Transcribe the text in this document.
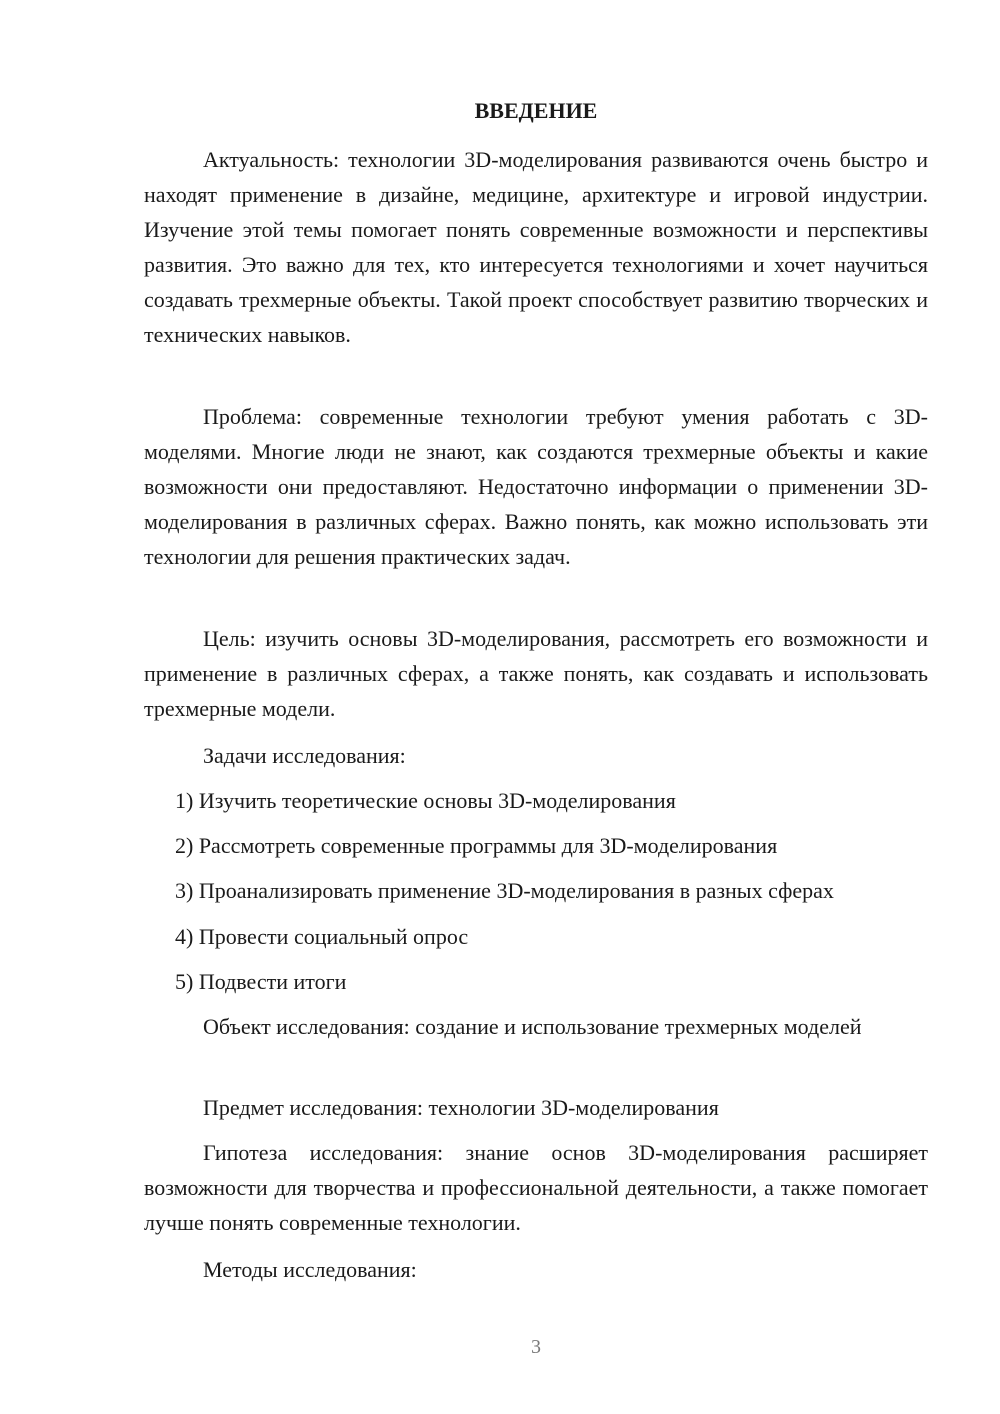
ВВЕДЕНИЕ

Актуальность: технологии 3D-моделирования развиваются очень быстро и находят применение в дизайне, медицине, архитектуре и игровой индустрии. Изучение этой темы помогает понять современные возможности и перспективы развития. Это важно для тех, кто интересуется технологиями и хочет научиться создавать трехмерные объекты. Такой проект способствует развитию творческих и технических навыков.

Проблема: современные технологии требуют умения работать с 3D-моделями. Многие люди не знают, как создаются трехмерные объекты и какие возможности они предоставляют. Недостаточно информации о применении 3D-моделирования в различных сферах. Важно понять, как можно использовать эти технологии для решения практических задач.

Цель: изучить основы 3D-моделирования, рассмотреть его возможности и применение в различных сферах, а также понять, как создавать и использовать трехмерные модели.

Задачи исследования:

1) Изучить теоретические основы 3D-моделирования
2) Рассмотреть современные программы для 3D-моделирования
3) Проанализировать применение 3D-моделирования в разных сферах
4) Провести социальный опрос
5) Подвести итоги

Объект исследования: создание и использование трехмерных моделей

Предмет исследования: технологии 3D-моделирования

Гипотеза исследования: знание основ 3D-моделирования расширяет возможности для творчества и профессиональной деятельности, а также помогает лучше понять современные технологии.

Методы исследования:

3
